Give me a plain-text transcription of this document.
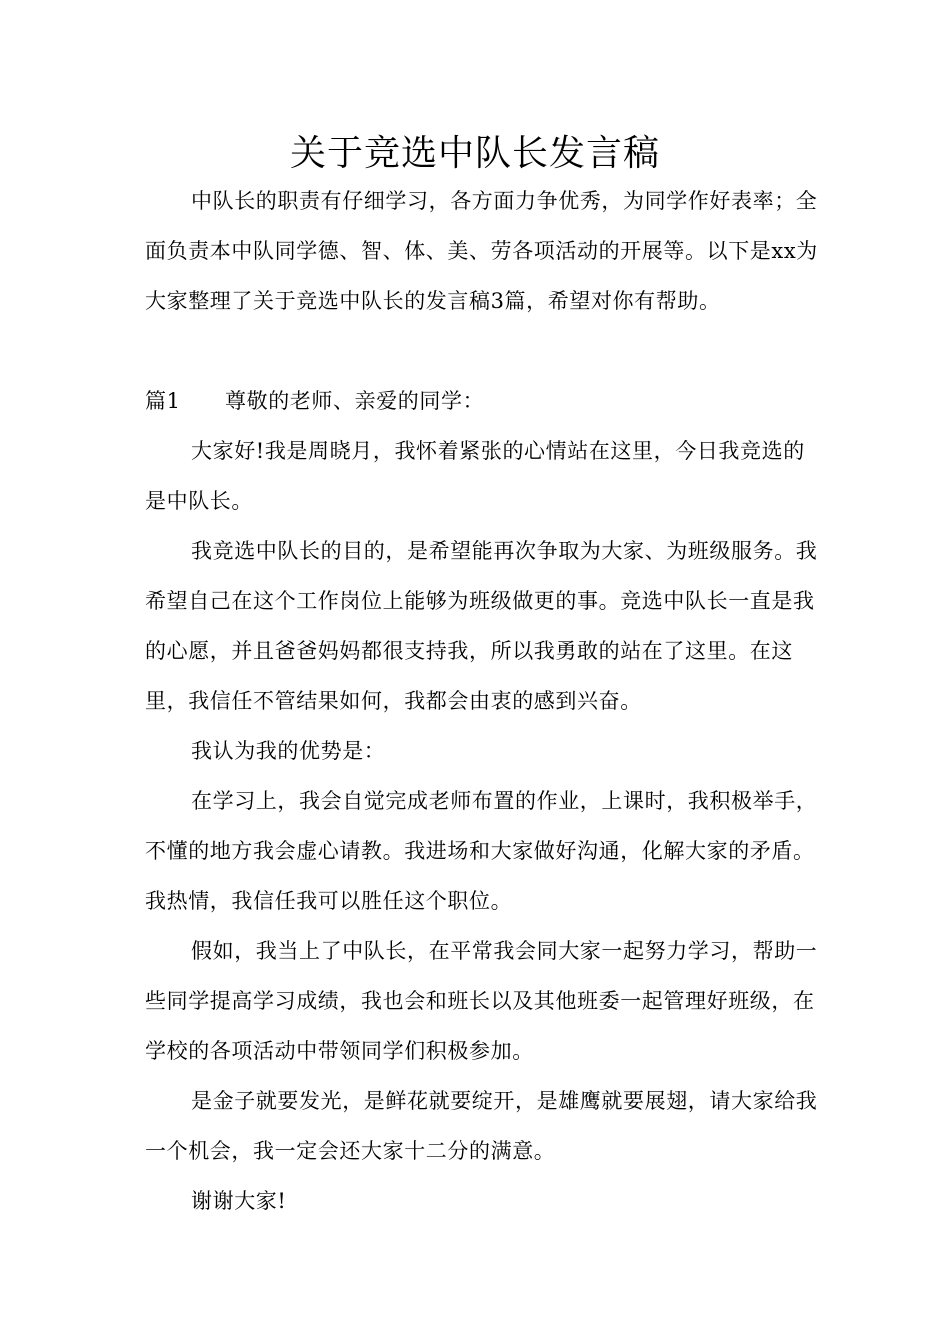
关于竞选中队长发言稿

中队长的职责有仔细学习，各方面力争优秀，为同学作好表率；全面负责本中队同学德、智、体、美、劳各项活动的开展等。以下是xx为大家整理了关于竞选中队长的发言稿3篇，希望对你有帮助。

篇1 尊敬的老师、亲爱的同学：

大家好!我是周晓月，我怀着紧张的心情站在这里，今日我竞选的是中队长。

我竞选中队长的目的，是希望能再次争取为大家、为班级服务。我希望自己在这个工作岗位上能够为班级做更的事。竞选中队长一直是我的心愿，并且爸爸妈妈都很支持我，所以我勇敢的站在了这里。在这里，我信任不管结果如何，我都会由衷的感到兴奋。

我认为我的优势是：

在学习上，我会自觉完成老师布置的作业，上课时，我积极举手，不懂的地方我会虚心请教。我进场和大家做好沟通，化解大家的矛盾。我热情，我信任我可以胜任这个职位。

假如，我当上了中队长，在平常我会同大家一起努力学习，帮助一些同学提高学习成绩，我也会和班长以及其他班委一起管理好班级，在学校的各项活动中带领同学们积极参加。

是金子就要发光，是鲜花就要绽开，是雄鹰就要展翅，请大家给我一个机会，我一定会还大家十二分的满意。

谢谢大家!
